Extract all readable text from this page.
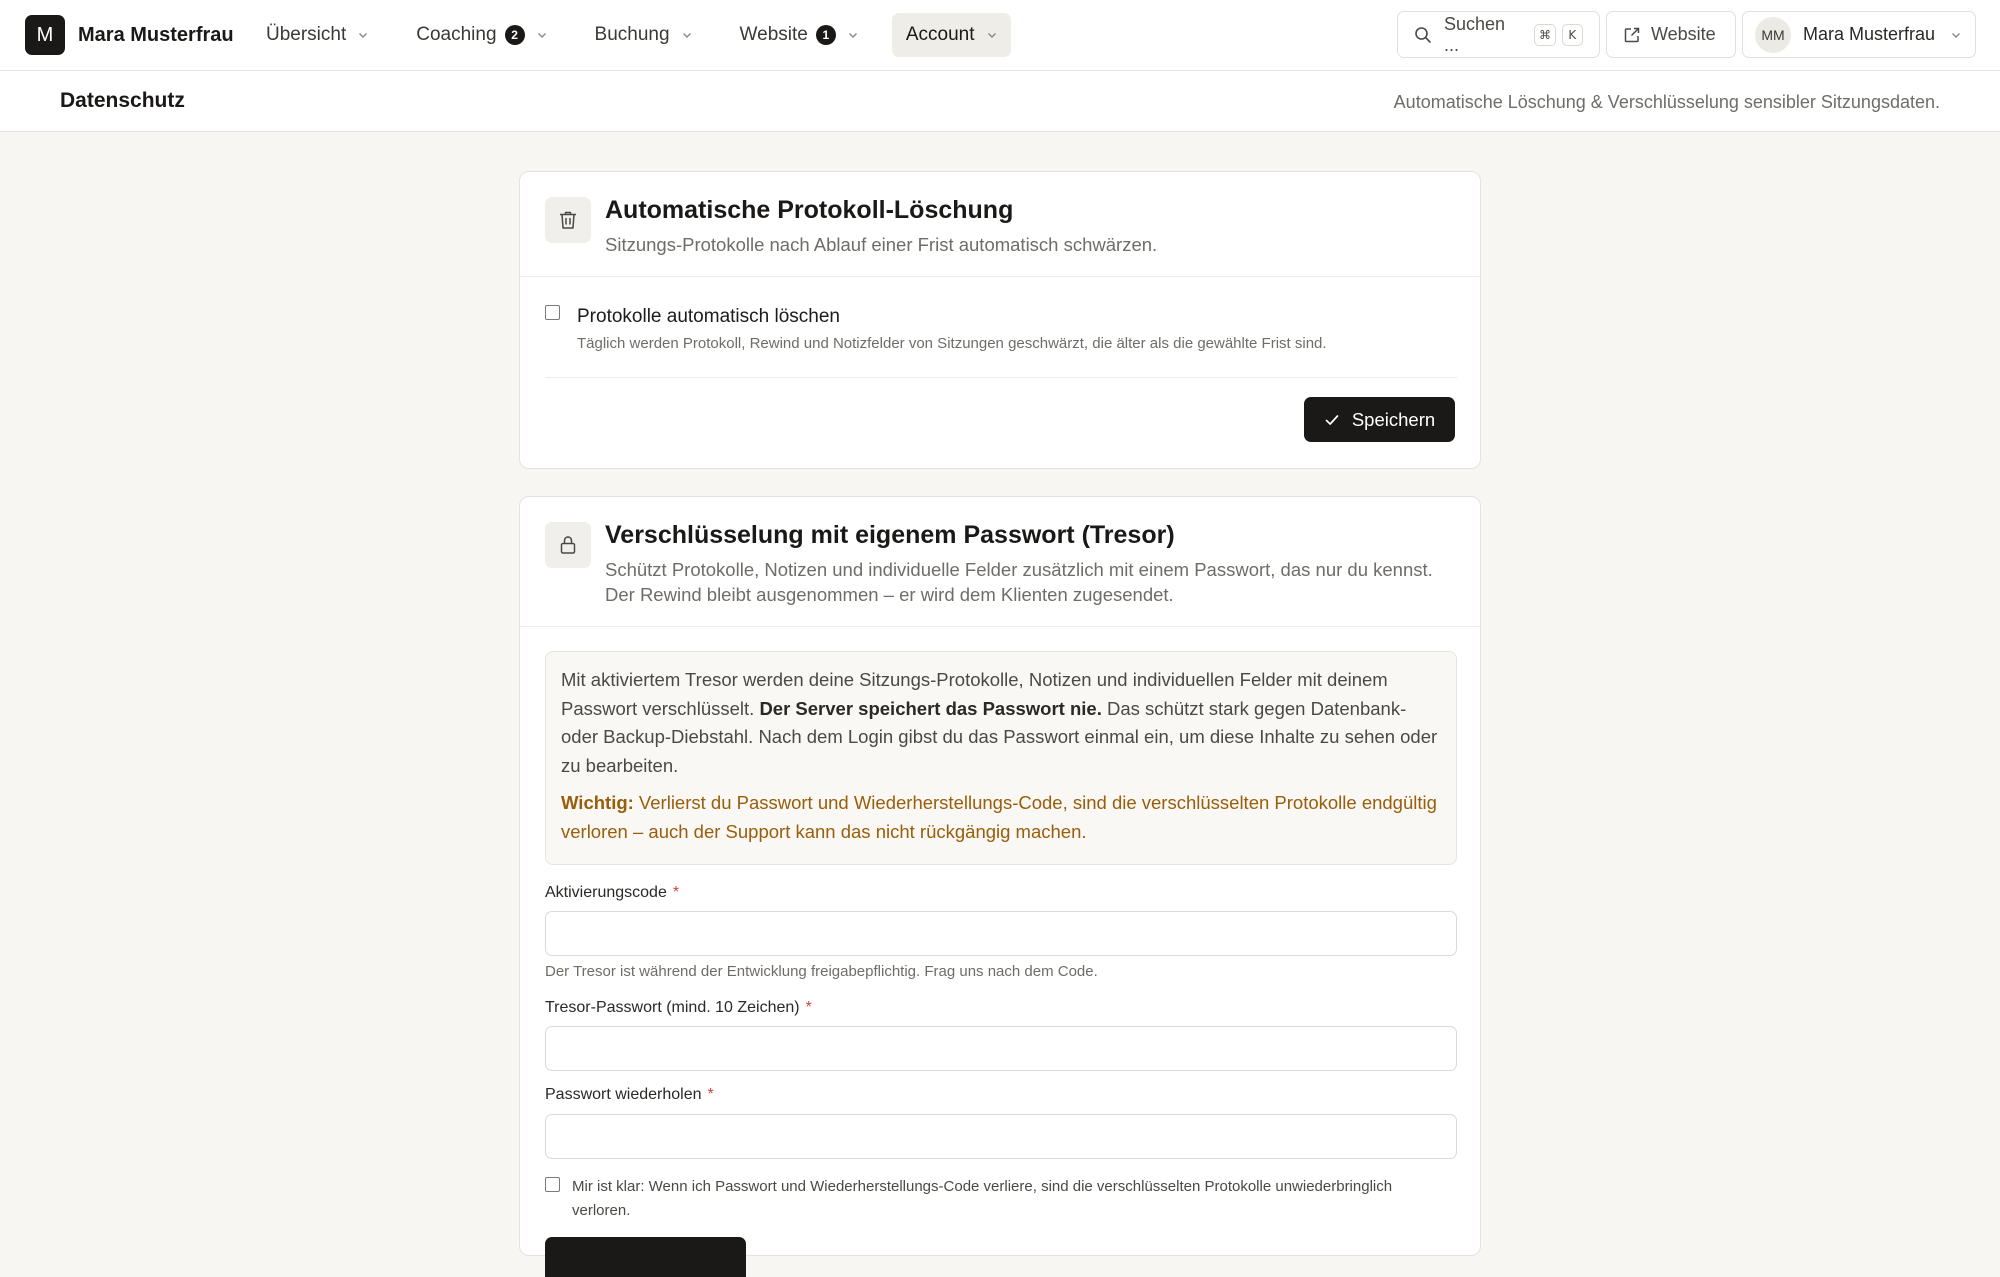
M	Mara Musterfrau Übersicht	Coaching	2	Buchung	Website	1	Account
Suchen ...	⌘	K	Website	MM	Mara Musterfrau
Datenschutz	Automatische Löschung & Verschlüsselung sensibler Sitzungsdaten.

Automatische Protokoll-Löschung

Sitzungs-Protokolle nach Ablauf einer Frist automatisch schwärzen.

Protokolle automatisch löschen
Täglich werden Protokoll, Rewind und Notizfelder von Sitzungen geschwärzt, die älter als die gewählte Frist sind.
Speichern
Verschlüsselung mit eigenem Passwort (Tresor)

Schützt Protokolle, Notizen und individuelle Felder zusätzlich mit einem Passwort, das nur du kennst. Der Rewind bleibt ausgenommen – er wird dem Klienten zugesendet.

Mit aktiviertem Tresor werden deine Sitzungs-Protokolle, Notizen und individuellen Felder mit deinem Passwort verschlüsselt. Der Server speichert das Passwort nie. Das schützt stark gegen Datenbank- oder Backup-Diebstahl. Nach dem Login gibst du das Passwort einmal ein, um diese Inhalte zu sehen oder zu bearbeiten.

Wichtig: Verlierst du Passwort und Wiederherstellungs-Code, sind die verschlüsselten Protokolle endgültig verloren – auch der Support kann das nicht rückgängig machen.

Aktivierungscode *

Der Tresor ist während der Entwicklung freigabepflichtig. Frag uns nach dem Code.

Tresor-Passwort (mind. 10 Zeichen) *
Passwort wiederholen *

Mir ist klar: Wenn ich Passwort und Wiederherstellungs-Code verliere, sind die verschlüsselten Protokolle unwiederbringlich verloren.
